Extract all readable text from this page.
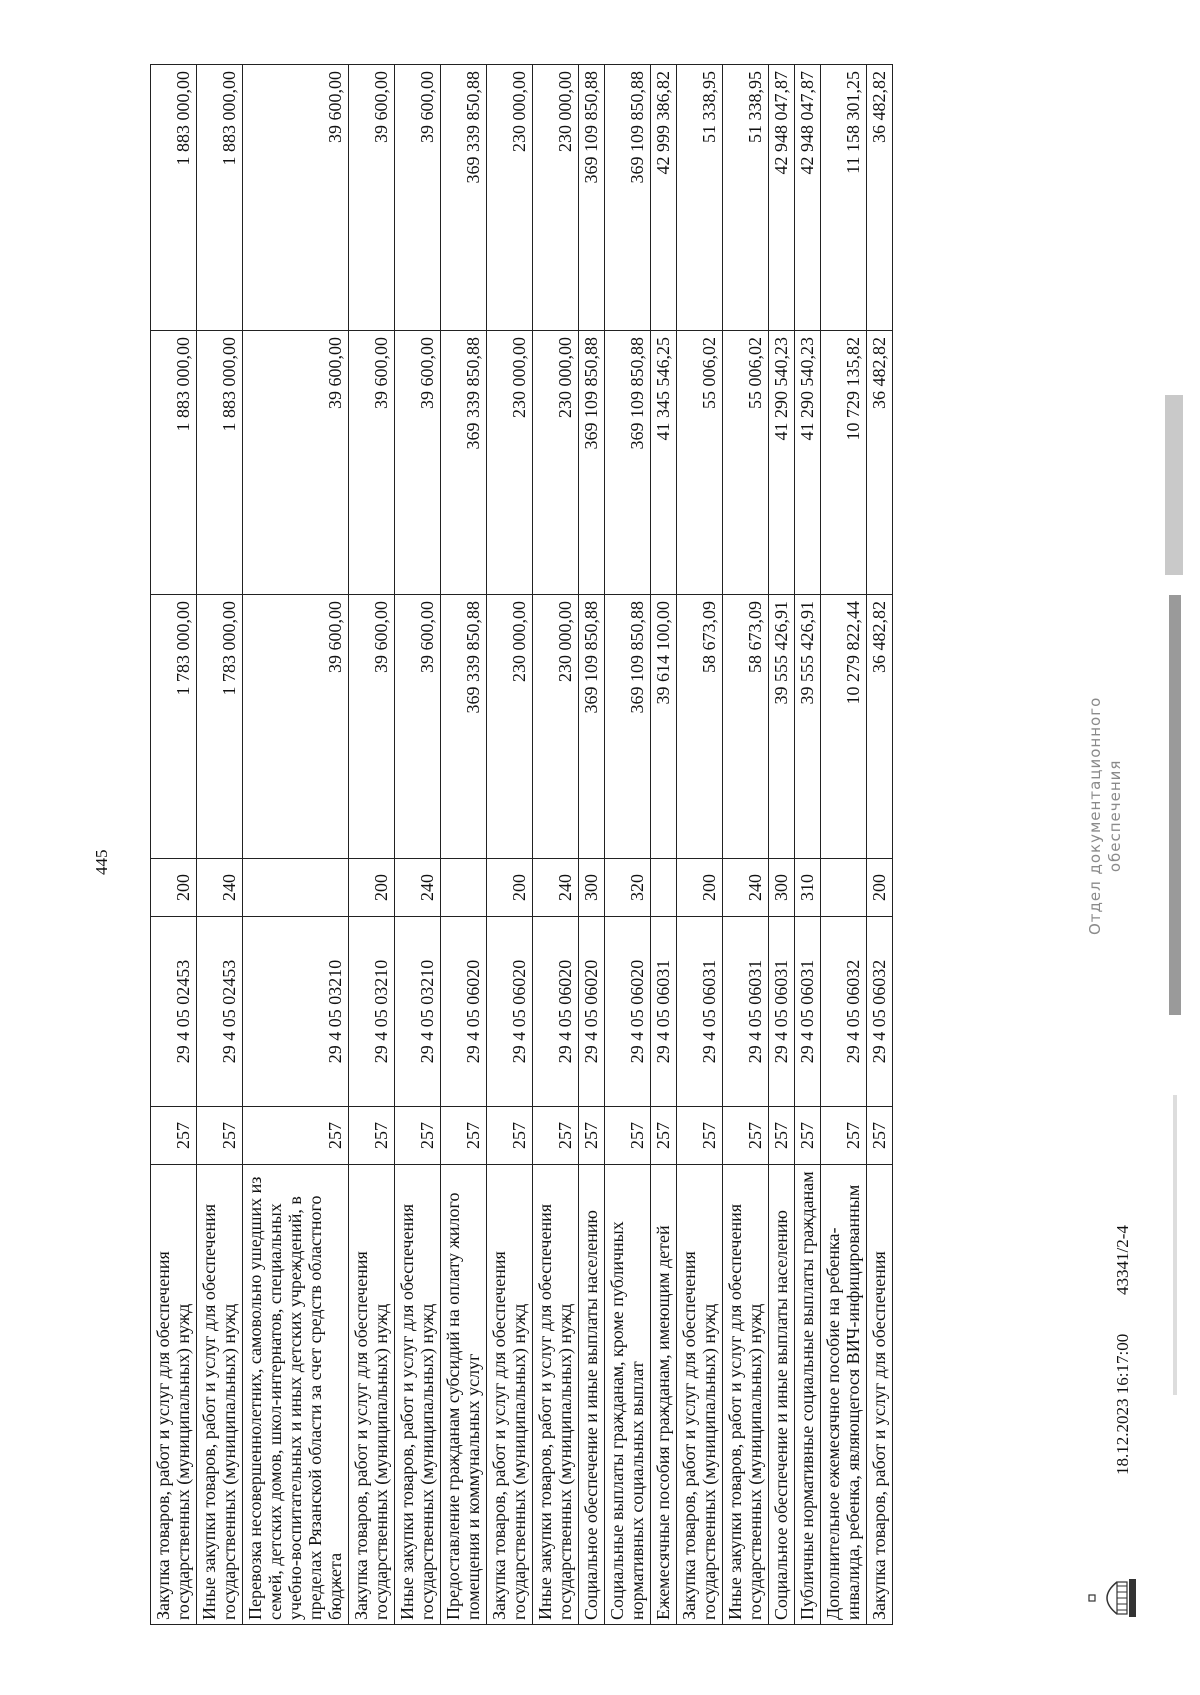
445
Закупка товаров, работ и услуг для обеспечения государственных (муниципальных) нужд
257
29 4 05 02453
200
1 783 000,00
1 883 000,00
1 883 000,00
Иные закупки товаров, работ и услуг для обеспечения государственных (муниципальных) нужд
257
29 4 05 02453
240
1 783 000,00
1 883 000,00
1 883 000,00
Перевозка несовершеннолетних, самовольно ушедших из семей, детских домов, школ-интернатов, специальных учебно-воспитательных и иных детских учреждений, в пределах Рязанской области за счет средств областного бюджета
257
29 4 05 03210
39 600,00
39 600,00
39 600,00
Закупка товаров, работ и услуг для обеспечения государственных (муниципальных) нужд
257
29 4 05 03210
200
39 600,00
39 600,00
39 600,00
Иные закупки товаров, работ и услуг для обеспечения государственных (муниципальных) нужд
257
29 4 05 03210
240
39 600,00
39 600,00
39 600,00
Предоставление гражданам субсидий на оплату жилого помещения и коммунальных услуг
257
29 4 05 06020
369 339 850,88
369 339 850,88
369 339 850,88
Закупка товаров, работ и услуг для обеспечения государственных (муниципальных) нужд
257
29 4 05 06020
200
230 000,00
230 000,00
230 000,00
Иные закупки товаров, работ и услуг для обеспечения государственных (муниципальных) нужд
257
29 4 05 06020
240
230 000,00
230 000,00
230 000,00
Социальное обеспечение и иные выплаты населению
257
29 4 05 06020
300
369 109 850,88
369 109 850,88
369 109 850,88
Социальные выплаты гражданам, кроме публичных нормативных социальных выплат
257
29 4 05 06020
320
369 109 850,88
369 109 850,88
369 109 850,88
Ежемесячные пособия гражданам, имеющим детей
257
29 4 05 06031
39 614 100,00
41 345 546,25
42 999 386,82
Закупка товаров, работ и услуг для обеспечения государственных (муниципальных) нужд
257
29 4 05 06031
200
58 673,09
55 006,02
51 338,95
Иные закупки товаров, работ и услуг для обеспечения государственных (муниципальных) нужд
257
29 4 05 06031
240
58 673,09
55 006,02
51 338,95
Социальное обеспечение и иные выплаты населению
257
29 4 05 06031
300
39 555 426,91
41 290 540,23
42 948 047,87
Публичные нормативные социальные выплаты гражданам
257
29 4 05 06031
310
39 555 426,91
41 290 540,23
42 948 047,87
Дополнительное ежемесячное пособие на ребенка- инвалида, ребенка, являющегося ВИЧ-инфицированным
257
29 4 05 06032
10 279 822,44
10 729 135,82
11 158 301,25
Закупка товаров, работ и услуг для обеспечения
257
29 4 05 06032
200
36 482,82
36 482,82
36 482,82
18.12.2023 16:17:00
43341/2-4
Отдел документационного обеспечения
